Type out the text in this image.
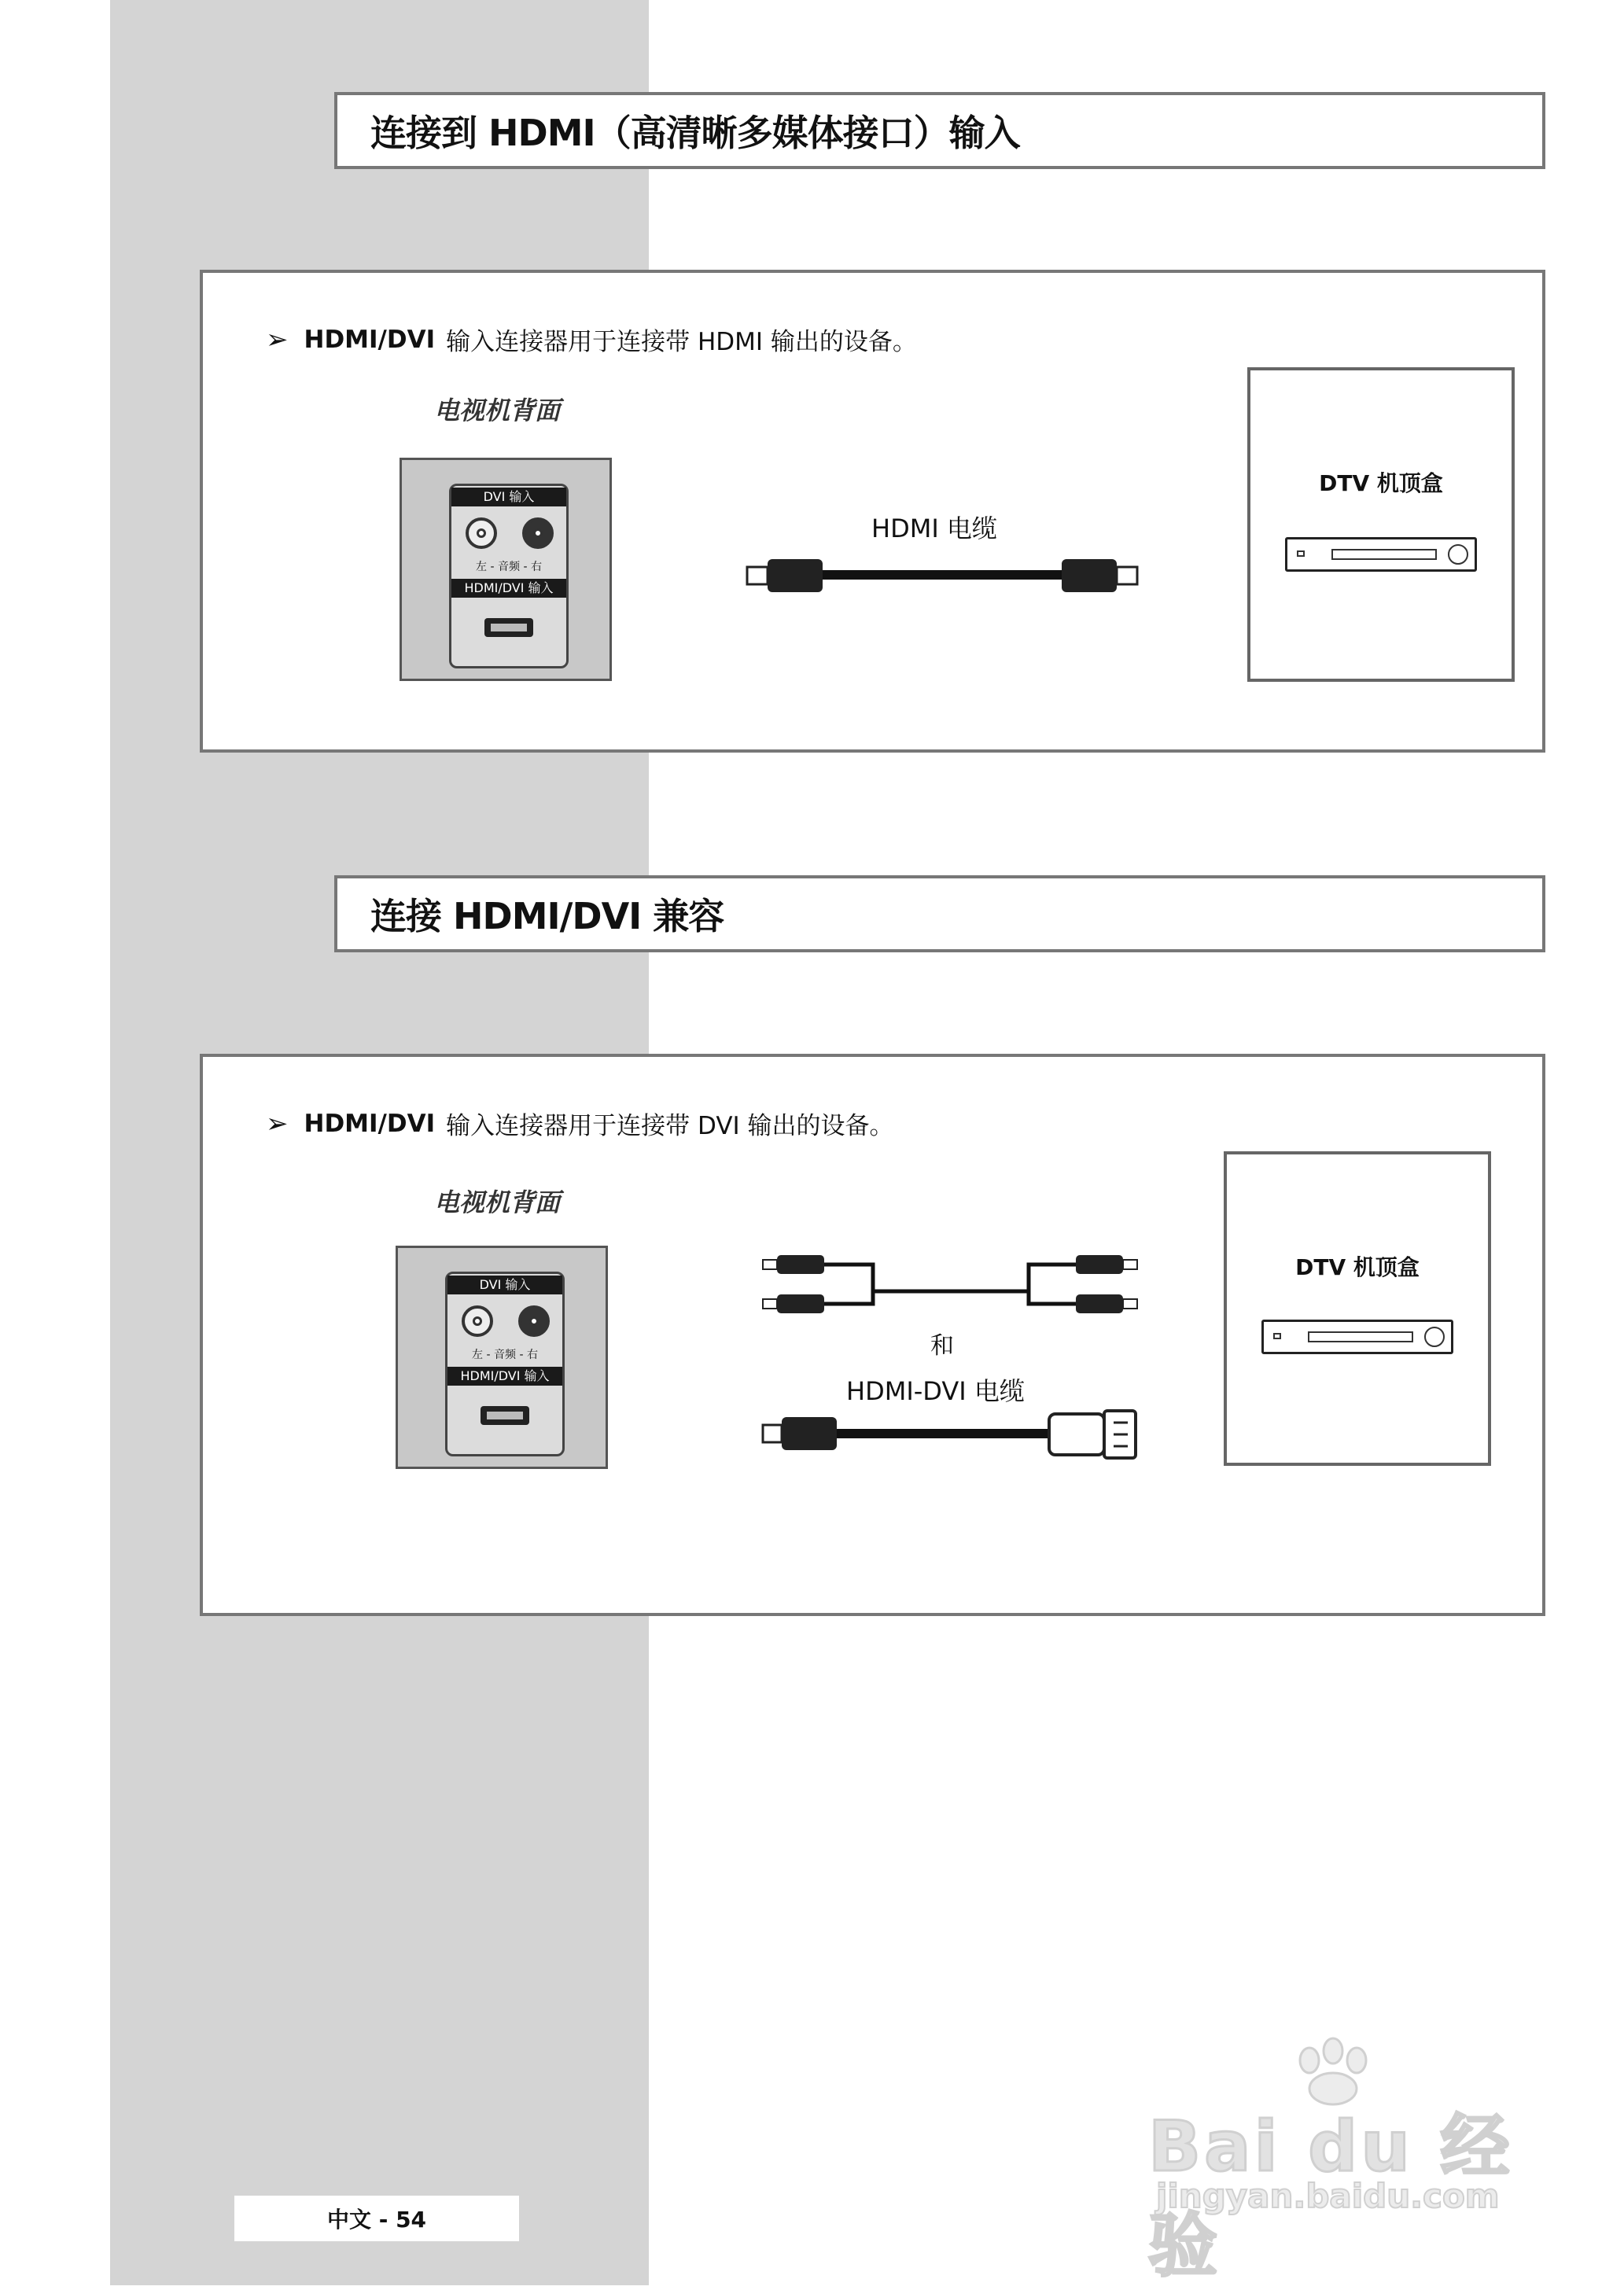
连接到 HDMI（高清晰多媒体接口）输入
➢ HDMI/DVI 输入连接器用于连接带 HDMI 输出的设备。
电视机背面
DVI 输入
左 - 音频 - 右
HDMI/DVI 输入
HDMI 电缆
DTV 机顶盒
连接 HDMI/DVI 兼容
➢ HDMI/DVI 输入连接器用于连接带 DVI 输出的设备。
电视机背面
DVI 输入
左 - 音频 - 右
HDMI/DVI 输入
和
HDMI-DVI 电缆
DTV 机顶盒
中文 - 54
Bai du 经验
jingyan.baidu.com
